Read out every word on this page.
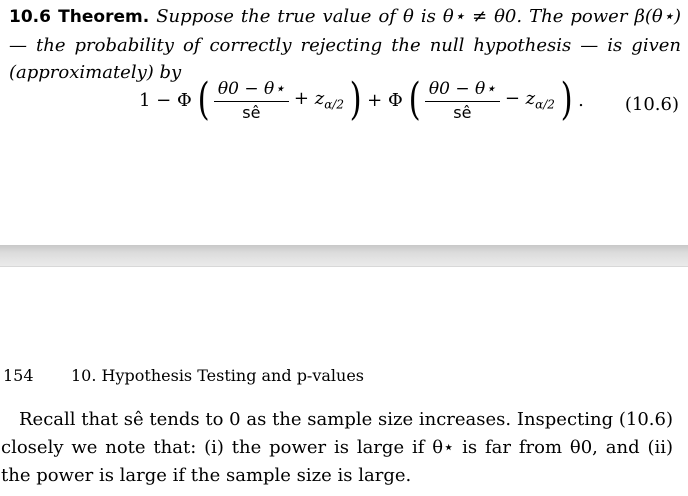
10.6 Theorem. Suppose the true value of θ is θ⋆ ≠ θ0. The power β(θ⋆) — the probability of correctly rejecting the null hypothesis — is given (approximately) by
1 − Φ ( $\frac{\theta 0 - \theta⋆}{sê} + z_{\alpha/2}$ ) + Φ ( $\frac{\theta 0 - \theta⋆}{sê} - z_{\alpha/2}$ ) . (10.6)
154 10. Hypothesis Testing and p-values
Recall that sê tends to 0 as the sample size increases. Inspecting (10.6) closely we note that: (i) the power is large if θ⋆ is far from θ0, and (ii) the power is large if the sample size is large.
